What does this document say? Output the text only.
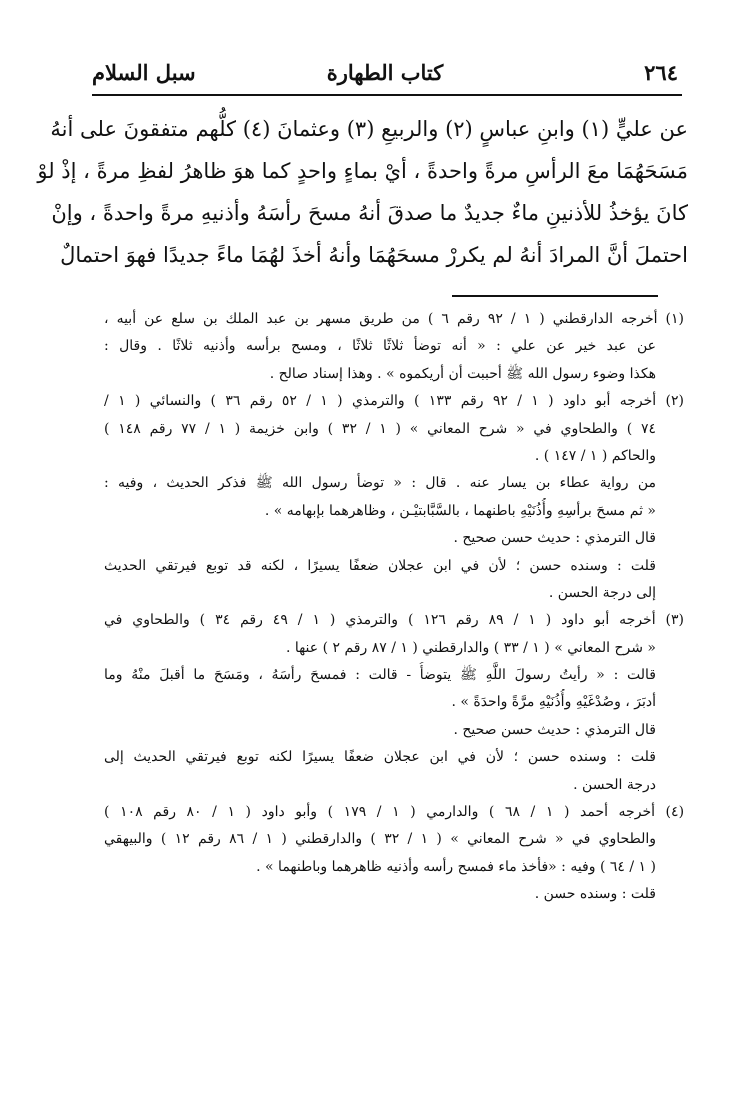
٢٦٤
كتاب الطهارة
سبل السلام
عن عليٍّ (١) وابنِ عباسٍ (٢) والربيعِ (٣) وعثمانَ (٤) كلُّهم متفقونَ على أنهُ
مَسَحَهُمَا معَ الرأسِ مرةً واحدةً ، أيْ بماءٍ واحدٍ كما هوَ ظاهرُ لفظِ مرةً ، إذْ لوْ
كانَ يؤخذُ للأذنينِ ماءٌ جديدٌ ما صدقَ أنهُ مسحَ رأسَهُ وأذنيهِ مرةً واحدةً ، وإنْ
احتملَ أنَّ المرادَ أنهُ لم يكررْ مسحَهُمَا وأنهُ أخذَ لهُمَا ماءً جديدًا فهوَ احتمالٌ
(١) أخرجه الدارقطني ( ١ / ٩٢ رقم ٦ ) من طريق مسهر بن عبد الملك بن سلع عن أبيه ،
عن عبد خير عن علي : « أنه توضأ ثلاثًا ثلاثًا ، ومسح برأسه وأذنيه ثلاثًا . وقال :
هكذا وضوء رسول الله ﷺ أحببت أن أريكموه » . وهذا إسناد صالح .
(٢) أخرجه أبو داود ( ١ / ٩٢ رقم ١٣٣ ) والترمذي ( ١ / ٥٢ رقم ٣٦ ) والنسائي ( ١ /
٧٤ ) والطحاوي في « شرح المعاني » ( ١ / ٣٢ ) وابن خزيمة ( ١ / ٧٧ رقم ١٤٨ )
والحاكم ( ١ / ١٤٧ ) .
من رواية عطاء بن يسار عنه . قال : « توضأ رسول الله ﷺ فذكر الحديث ، وفيه :
« ثم مسحَ برأسِهِ وأُذُنَيْهِ باطنهما ، بالسَّبَّابتيْـن ، وظاهرهما بإبهامه » .
قال الترمذي : حديث حسن صحيح .
قلت : وسنده حسن ؛ لأن في ابن عجلان ضعفًا يسيرًا ، لكنه قد توبع فيرتقي الحديث
إلى درجة الحسن .
(٣) أخرجه أبو داود ( ١ / ٨٩ رقم ١٢٦ ) والترمذي ( ١ / ٤٩ رقم ٣٤ ) والطحاوي في
« شرح المعاني » ( ١ / ٣٣ ) والدارقطني ( ١ / ٨٧ رقم ٢ ) عنها .
قالت : « رأيتُ رسولَ اللَّهِ ﷺ يتوضأُ - قالت : فمسحَ رأسَهُ ، ومَسَحَ ما أقبلَ منْهُ وما
أدبَرَ ، وصُدْغَيْهِ وأُذُنَيْهِ مرَّةً واحدَةً » .
قال الترمذي : حديث حسن صحيح .
قلت : وسنده حسن ؛ لأن في ابن عجلان ضعفًا يسيرًا لكنه توبع فيرتقي الحديث إلى
درجة الحسن .
(٤) أخرجه أحمد ( ١ / ٦٨ ) والدارمي ( ١ / ١٧٩ ) وأبو داود ( ١ / ٨٠ رقم ١٠٨ )
والطحاوي في « شرح المعاني » ( ١ / ٣٢ ) والدارقطني ( ١ / ٨٦ رقم ١٢ ) والبيهقي
( ١ / ٦٤ ) وفيه : «فأخذ ماء فمسح رأسه وأذنيه ظاهرهما وباطنهما » .
قلت : وسنده حسن .
